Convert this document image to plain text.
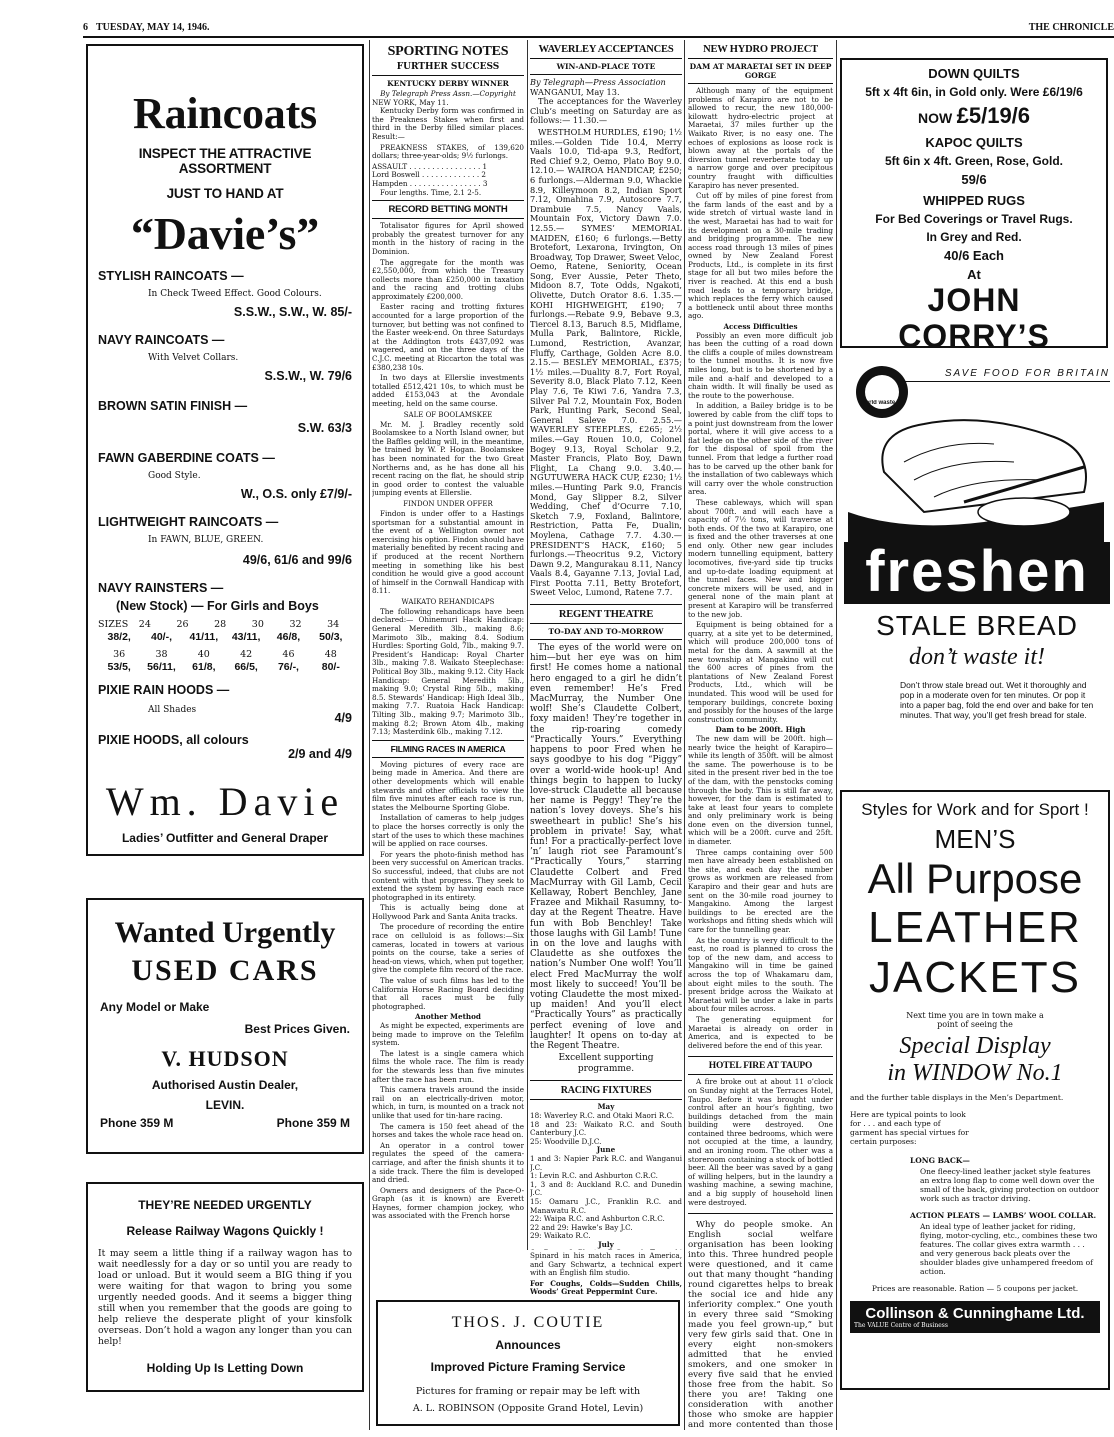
6 TUESDAY, MAY 14, 1946.	THE CHRONICLE
Raincoats
INSPECT THE ATTRACTIVE ASSORTMENT
JUST TO HAND AT
“Davie’s”
STYLISH RAINCOATS —
In Check Tweed Effect. Good Colours.
S.S.W., S.W., W. 85/-
NAVY RAINCOATS —
With Velvet Collars.
S.S.W., W. 79/6
BROWN SATIN FINISH —
S.W. 63/3
FAWN GABERDINE COATS —
Good Style.
W., O.S. only £7/9/-
LIGHTWEIGHT RAINCOATS —
In FAWN, BLUE, GREEN.
49/6, 61/6 and 99/6
NAVY RAINSTERS —
(New Stock) — For Girls and Boys
SIZES	24	26	28	30	32	34
38/2,	40/-,	41/11,	43/11,	46/8,	50/3,
36	38	40	42	46	48
53/5,	56/11,	61/8,	66/5,	76/-,	80/-
PIXIE RAIN HOODS —
All Shades
4/9
PIXIE HOODS, all colours
2/9 and 4/9
Wm. Davie
Ladies’ Outfitter and General Draper
Wanted Urgently
USED CARS
Any Model or Make
Best Prices Given.
V. HUDSON
Authorised Austin Dealer,
LEVIN.
Phone 359 M	Phone 359 M
THEY’RE NEEDED URGENTLY
Release Railway Wagons Quickly !
It may seem a little thing if a railway wagon has to wait needlessly for a day or so until you are ready to load or unload. But it would seem a BIG thing if you were waiting for that wagon to bring you some urgently needed goods. And it seems a bigger thing still when you remember that the goods are going to help relieve the desperate plight of your kinsfolk overseas. Don’t hold a wagon any longer than you can help!
Holding Up Is Letting Down
SPORTING NOTES
FURTHER SUCCESS
KENTUCKY DERBY WINNER
By Telegraph Press Assn.—Copyright
NEW YORK, May 11.

Kentucky Derby form was confirmed in the Preakness Stakes when first and third in the Derby filled similar places. Result:—

PREAKNESS STAKES, of 139,620 dollars; three-year-olds; 9½ furlongs.

ASSAULT . . . . . . . . . . . . . . . . 1
Lord Boswell . . . . . . . . . . . . . 2
Hampden . . . . . . . . . . . . . . . . 3

Four lengths. Time, 2.1 2-5.

RECORD BETTING MONTH

Totalisator figures for April showed probably the greatest turnover for any month in the history of racing in the Dominion.

The aggregate for the month was £2,550,000, from which the Treasury collects more than £250,000 in taxation and the racing and trotting clubs approximately £200,000.

Easter racing and trotting fixtures accounted for a large proportion of the turnover, but betting was not confined to the Easter week-end. On three Saturdays at the Addington trots £437,092 was wagered, and on the three days of the C.J.C. meeting at Riccarton the total was £380,238 10s.

In two days at Ellerslie investments totalled £512,421 10s, to which must be added £153,043 at the Avondale meeting, held on the same course.

SALE OF BOOLAMSKEE

Mr. M. J. Bradley recently sold Boolamskee to a North Island owner, but the Baffles gelding will, in the meantime, be trained by W. P. Hogan. Boolamskee has been nominated for the two Great Northerns and, as he has done all his recent racing on the flat, he should strip in good order to contest the valuable jumping events at Ellerslie.

FINDON UNDER OFFER

Findon is under offer to a Hastings sportsman for a substantial amount in the event of a Wellington owner not exercising his option. Findon should have materially benefited by recent racing and if produced at the recent Northern meeting in something like his best condition he would give a good account of himself in the Cornwall Handicap with 8.11.

WAIKATO REHANDICAPS

The following rehandicaps have been declared:— Ohinemuri Hack Handicap: General Meredith 3lb., making 8.6; Marimoto 3lb., making 8.4. Sodium Hurdles: Sporting Gold, 7lb., making 9.7. President’s Handicap: Royal Charter 3lb., making 7.8. Waikato Steeplechase: Political Boy 3lb., making 9.12. City Hack Handicap: General Meredith 5lb., making 9.0; Crystal Ring 5lb., making 8.5. Stewards’ Handicap: High Ideal 3lb., making 7.7. Ruatoia Hack Handicap: Tilting 3lb., making 9.7; Marimoto 3lb., making 8.2; Brown Atom 4lb., making 7.13; Masterdink 6lb., making 7.12.

FILMING RACES IN AMERICA

Moving pictures of every race are being made in America. And there are other developments which will enable stewards and other officials to view the film five minutes after each race is run, states the Melbourne Sporting Globe.

Installation of cameras to help judges to place the horses correctly is only the start of the uses to which these machines will be applied on race courses.

For years the photo-finish method has been very successful on American tracks. So successful, indeed, that clubs are not content with that progress. They seek to extend the system by having each race photographed in its entirety.

This is actually being done at Hollywood Park and Santa Anita tracks.

The procedure of recording the entire race on celluloid is as follows:—Six cameras, located in towers at various points on the course, take a series of head-on views, which, when put together, give the complete film record of the race.

The value of such films has led to the California Horse Racing Board deciding that all races must be fully photographed.

Another Method

As might be expected, experiments are being made to improve on the Telefilm system.

The latest is a single camera which films the whole race. The film is ready for the stewards less than five minutes after the race has been run.

This camera travels around the inside rail on an electrically-driven motor, which, in turn, is mounted on a track not unlike that used for tin-hare racing.

The camera is 150 feet ahead of the horses and takes the whole race head on.

An operator in a control tower regulates the speed of the camera-carriage, and after the finish shunts it to a side track. There the film is developed and dried.

Owners and designers of the Pace-O-Graph (as it is known) are Everett Haynes, former champion jockey, who was associated with the French horse

WAVERLEY ACCEPTANCES
WIN-AND-PLACE TOTE
By Telegraph—Press Association
WANGANUI, May 13.

The acceptances for the Waverley Club’s meeting on Saturday are as follows:— 11.30.—

WESTHOLM HURDLES, £190; 1½ miles.—Golden Tide 10.4, Merry Vaals 10.0, Tid-apa 9.3, Redfort, Red Chief 9.2, Oemo, Plato Boy 9.0. 12.10.— WAIROA HANDICAP, £250; 6 furlongs.—Alderman 9.0, Whackie 8.9, Killeymoon 8.2, Indian Sport 7.12, Omahina 7.9, Autoscore 7.7, Drambuie 7.5, Nancy Vaals, Mountain Fox, Victory Dawn 7.0. 12.55.— SYMES’ MEMORIAL MAIDEN, £160; 6 furlongs.—Betty Brotefort, Lexarona, Irvington, On Broadway, Top Drawer, Sweet Veloc, Oemo, Ratene, Seniority, Ocean Song, Ever Aussie, Peter Theto, Midoon 8.7, Tote Odds, Ngakoti, Olivette, Dutch Orator 8.6. 1.35.— KOHI HIGHWEIGHT, £190; 7 furlongs.—Rebate 9.9, Bebave 9.3, Tiercel 8.13, Baruch 8.5, Midflame, Mulla Park, Balintore, Rickle, Lumond, Restriction, Avanzar, Fluffy, Carthage, Golden Acre 8.0. 2.15.— BESLEY MEMORIAL, £375; 1½ miles.—Duality 8.7, Fort Royal, Severity 8.0, Black Plato 7.12, Keen Play 7.6, Te Kiwi 7.6, Yandra 7.3, Silver Pal 7.2, Mountain Fox, Boden Park, Hunting Park, Second Seal, General Saleve 7.0. 2.55.— WAVERLEY STEEPLES, £265; 2½ miles.—Gay Rouen 10.0, Colonel Bogey 9.13, Royal Scholar 9.2, Master Francis, Plato Boy, Dawn Flight, La Chang 9.0. 3.40.— NGUTUWERA HACK CUP, £230; 1½ miles.—Hunting Park 9.0, Francis Mond, Gay Slipper 8.2, Silver Wedding, Chef d’Ocurre 7.10, Sketch 7.9, Foxland, Balintore, Restriction, Patta Fe, Dualin, Moylena, Cathage 7.7. 4.30.— PRESIDENT’S HACK, £160; 5 furlongs.—Theocritus 9.2, Victory Dawn 9.2, Mangurakau 8.11, Nancy Vaals 8.4, Gayanne 7.13, Jovial Lad, First Pootta 7.11, Betty Brotefort, Sweet Veloc, Lumond, Ratene 7.7.

REGENT THEATRE
TO-DAY AND TO-MORROW

The eyes of the world were on him—but her eye was on him first! He comes home a national hero engaged to a girl he didn’t even remember! He’s Fred MacMurray, the Number One wolf! She’s Claudette Colbert, foxy maiden! They’re together in the rip-roaring comedy “Practically Yours.” Everything happens to poor Fred when he says goodbye to his dog “Piggy” over a world-wide hook-up! And things begin to happen to lucky love-struck Claudette all because her name is Peggy! They’re the nation’s lovey doveys. She’s his sweetheart in public! She’s his problem in private! Say, what fun! For a practically-perfect love ’n’ laugh riot see Paramount’s “Practically Yours,” starring Claudette Colbert and Fred MacMurray with Gil Lamb, Cecil Kellaway, Robert Benchley, Jane Frazee and Mikhail Rasumny, to-day at the Regent Theatre. Have fun with Bob Benchley! Take those laughs with Gil Lamb! Tune in on the love and laughs with Claudette as she outfoxes the nation’s Number One wolf! You’ll elect Fred MacMurray the wolf most likely to succeed! You’ll be voting Claudette the most mixed-up maiden! And you’ll elect “Practically Yours” as practically perfect evening of love and laughter! It opens on to-day at the Regent Theatre.

Excellent supporting programme.
RACING FIXTURES
May
18: Waverley R.C. and Otaki Maori R.C.
18 and 23: Waikato R.C. and South Canterbury J.C.
25: Woodville D.J.C.
June
1 and 3: Napier Park R.C. and Wanganui J.C.
1: Levin R.C. and Ashburton C.R.C.
1, 3 and 8: Auckland R.C. and Dunedin J.C.
15: Oamaru J.C., Franklin R.C. and Manawatu R.C.
22: Waipa R.C. and Ashburton C.R.C.
22 and 29: Hawke’s Bay J.C.
29: Waikato R.C.
July

Spinard in his match races in America, and Gary Schwartz, a technical expert with an English film studio.

For Coughs, Colds—Sudden Chills, Woods’ Great Peppermint Cure.
THOS. J. COUTIE
Announces
Improved Picture Framing Service
Pictures for framing or repair may be left with
A. L. ROBINSON (Opposite Grand Hotel, Levin)
NEW HYDRO PROJECT
DAM AT MARAETAI SET IN DEEP GORGE

Although many of the equipment problems of Karapiro are not to be allowed to recur, the new 180,000-kilowatt hydro-electric project at Maraetai, 37 miles further up the Waikato River, is no easy one. The echoes of explosions as loose rock is blown away at the portals of the diversion tunnel reverberate today up a narrow gorge and over precipitous country fraught with difficulties Karapiro has never presented.

Cut off by miles of pine forest from the farm lands of the east and by a wide stretch of virtual waste land in the west, Maraetai has had to wait for its development on a 30-mile trading and bridging programme. The new access road through 13 miles of pines owned by New Zealand Forest Products, Ltd., is complete in its first stage for all but two miles before the river is reached. At this end a bush road leads to a temporary bridge, which replaces the ferry which caused a bottleneck until about three months ago.

Access Difficulties

Possibly an even more difficult job has been the cutting of a road down the cliffs a couple of miles downstream to the tunnel mouths. It is now five miles long, but is to be shortened by a mile and a-half and developed to a chain width. It will finally be used as the route to the powerhouse.

In addition, a Bailey bridge is to be lowered by cable from the cliff tops to a point just downstream from the lower portal, where it will give access to a flat ledge on the other side of the river for the disposal of spoil from the tunnel. From that ledge a further road has to be carved up the other bank for the installation of two cableways which will carry over the whole construction area.

These cableways, which will span about 700ft. and will each have a capacity of 7½ tons, will traverse at both ends. Of the two at Karapiro, one is fixed and the other traverses at one end only. Other new gear includes modern tunnelling equipment, battery locomotives, five-yard side tip trucks and up-to-date loading equipment at the tunnel faces. New and bigger concrete mixers will be used, and in general none of the main plant at present at Karapiro will be transferred to the new job.

Equipment is being obtained for a quarry, at a site yet to be determined, which will produce 200,000 tons of metal for the dam. A sawmill at the new township at Mangakino will cut the 600 acres of pines from the plantations of New Zealand Forest Products, Ltd., which will be inundated. This wood will be used for temporary buildings, concrete boxing and possibly for the houses of the large construction community.

Dam to be 200ft. High

The new dam will be 200ft. high—nearly twice the height of Karapiro—while its length of 350ft. will be almost the same. The powerhouse is to be sited in the present river bed in the toe of the dam, with the penstocks coming through the body. This is still far away, however, for the dam is estimated to take at least four years to complete and only preliminary work is being done even on the diversion tunnel, which will be a 200ft. curve and 25ft. in diameter.

Three camps containing over 500 men have already been established on the site, and each day the number grows as workmen are released from Karapiro and their gear and huts are sent on the 30-mile road journey to Mangakino. Among the largest buildings to be erected are the workshops and fitting sheds which will care for the tunnelling gear.

As the country is very difficult to the east, no road is planned to cross the top of the new dam, and access to Mangakino will in time be gained across the top of Whakamaru dam, about eight miles to the south. The present bridge across the Waikato at Maraetai will be under a lake in parts about four miles across.

The generating equipment for Maraetai is already on order in America, and is expected to be delivered before the end of this year.

HOTEL FIRE AT TAUPO

A fire broke out at about 11 o’clock on Sunday night at the Terraces Hotel, Taupo. Before it was brought under control after an hour’s fighting, two buildings detached from the main building were destroyed. One contained three bedrooms, which were not occupied at the time, a laundry, and an ironing room. The other was a storeroom containing a stock of bottled beer. All the beer was saved by a gang of willing helpers, but in the laundry a washing machine, a sewing machine, and a big supply of household linen were destroyed.

Why do people smoke. An English social welfare organisation has been looking into this. Three hundred people were questioned, and it came out that many thought “handing round cigarettes helps to break the social ice and hide any inferiority complex.” One youth in every three said “Smoking made you feel grown-up,” but very few girls said that. One in every eight non-smokers admitted that he envied smokers, and one smoker in every five said that he envied those free from the habit. So there you are! Taking one consideration with another those who smoke are happier and more contented than those

DOWN QUILTS
5ft x 4ft 6in, in Gold only. Were £6/19/6
NOW £5/19/6
KAPOC QUILTS
5ft 6in x 4ft. Green, Rose, Gold.
59/6
WHIPPED RUGS
For Bed Coverings or Travel Rugs.
In Grey and Red.
40/6 Each
At
JOHN CORRY’S
SAVE FOOD FOR BRITAIN
world waste
freshen
STALE BREAD
don’t waste it!
Don’t throw stale bread out. Wet it thoroughly and pop in a moderate oven for ten minutes. Or pop it into a paper bag, fold the end over and bake for ten minutes. That way, you’ll get fresh bread for stale.
Styles for Work and for Sport !
MEN’S
All Purpose
LEATHER
JACKETS
Next time you are in town make a
point of seeing the
Special Display
in WINDOW No.1
and the further table displays in the Men’s Department.
Here are typical points to look
for . . . and each type of
garment has special virtues for
certain purposes:
LONG BACK—
One fleecy-lined leather jacket style features an extra long flap to come well down over the small of the back, giving protection on outdoor work such as tractor driving.
ACTION PLEATS — LAMBS’ WOOL COLLAR.
An ideal type of leather jacket for riding, flying, motor-cycling, etc., combines these two features. The collar gives extra warmth . . . and very generous back pleats over the shoulder blades give unhampered freedom of action.
Prices are reasonable. Ration — 5 coupons per jacket.
Collinson & Cunninghame Ltd.
The VALUE Centre of Business
